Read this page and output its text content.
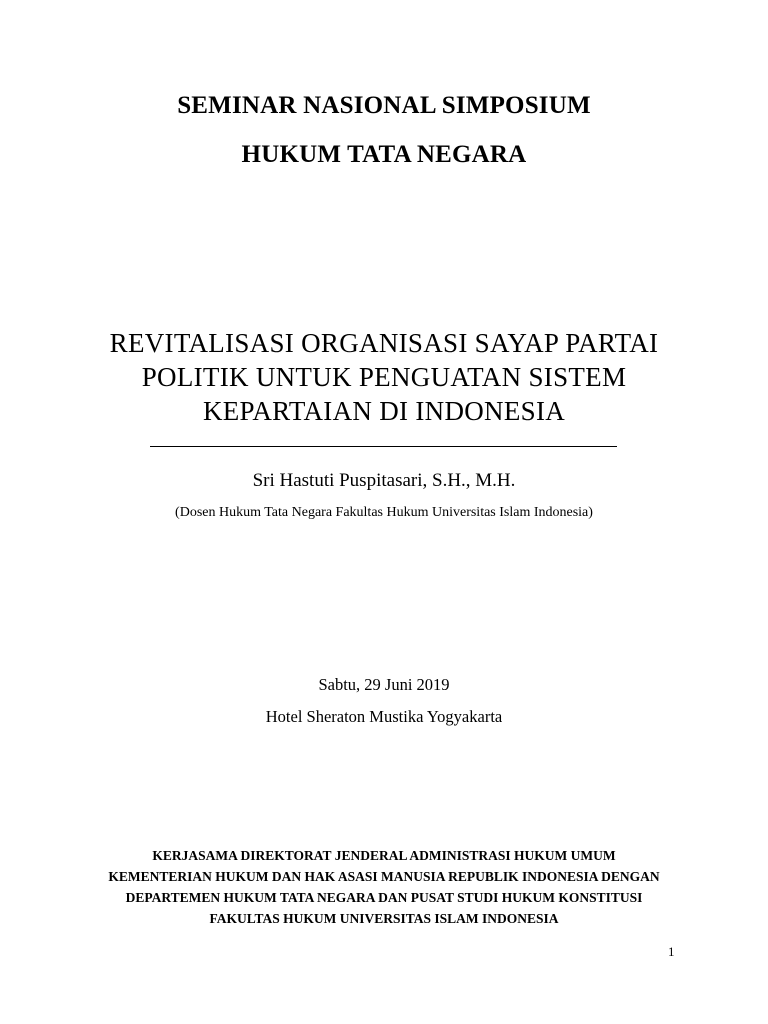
SEMINAR NASIONAL SIMPOSIUM
HUKUM TATA NEGARA
REVITALISASI ORGANISASI SAYAP PARTAI
POLITIK UNTUK PENGUATAN SISTEM
KEPARTAIAN DI INDONESIA
Sri Hastuti Puspitasari, S.H., M.H.
(Dosen Hukum Tata Negara Fakultas Hukum Universitas Islam Indonesia)
Sabtu, 29 Juni 2019
Hotel Sheraton Mustika Yogyakarta
KERJASAMA DIREKTORAT JENDERAL ADMINISTRASI HUKUM UMUM
KEMENTERIAN HUKUM DAN HAK ASASI MANUSIA REPUBLIK INDONESIA DENGAN
DEPARTEMEN HUKUM TATA NEGARA DAN PUSAT STUDI HUKUM KONSTITUSI
FAKULTAS HUKUM UNIVERSITAS ISLAM INDONESIA
1
